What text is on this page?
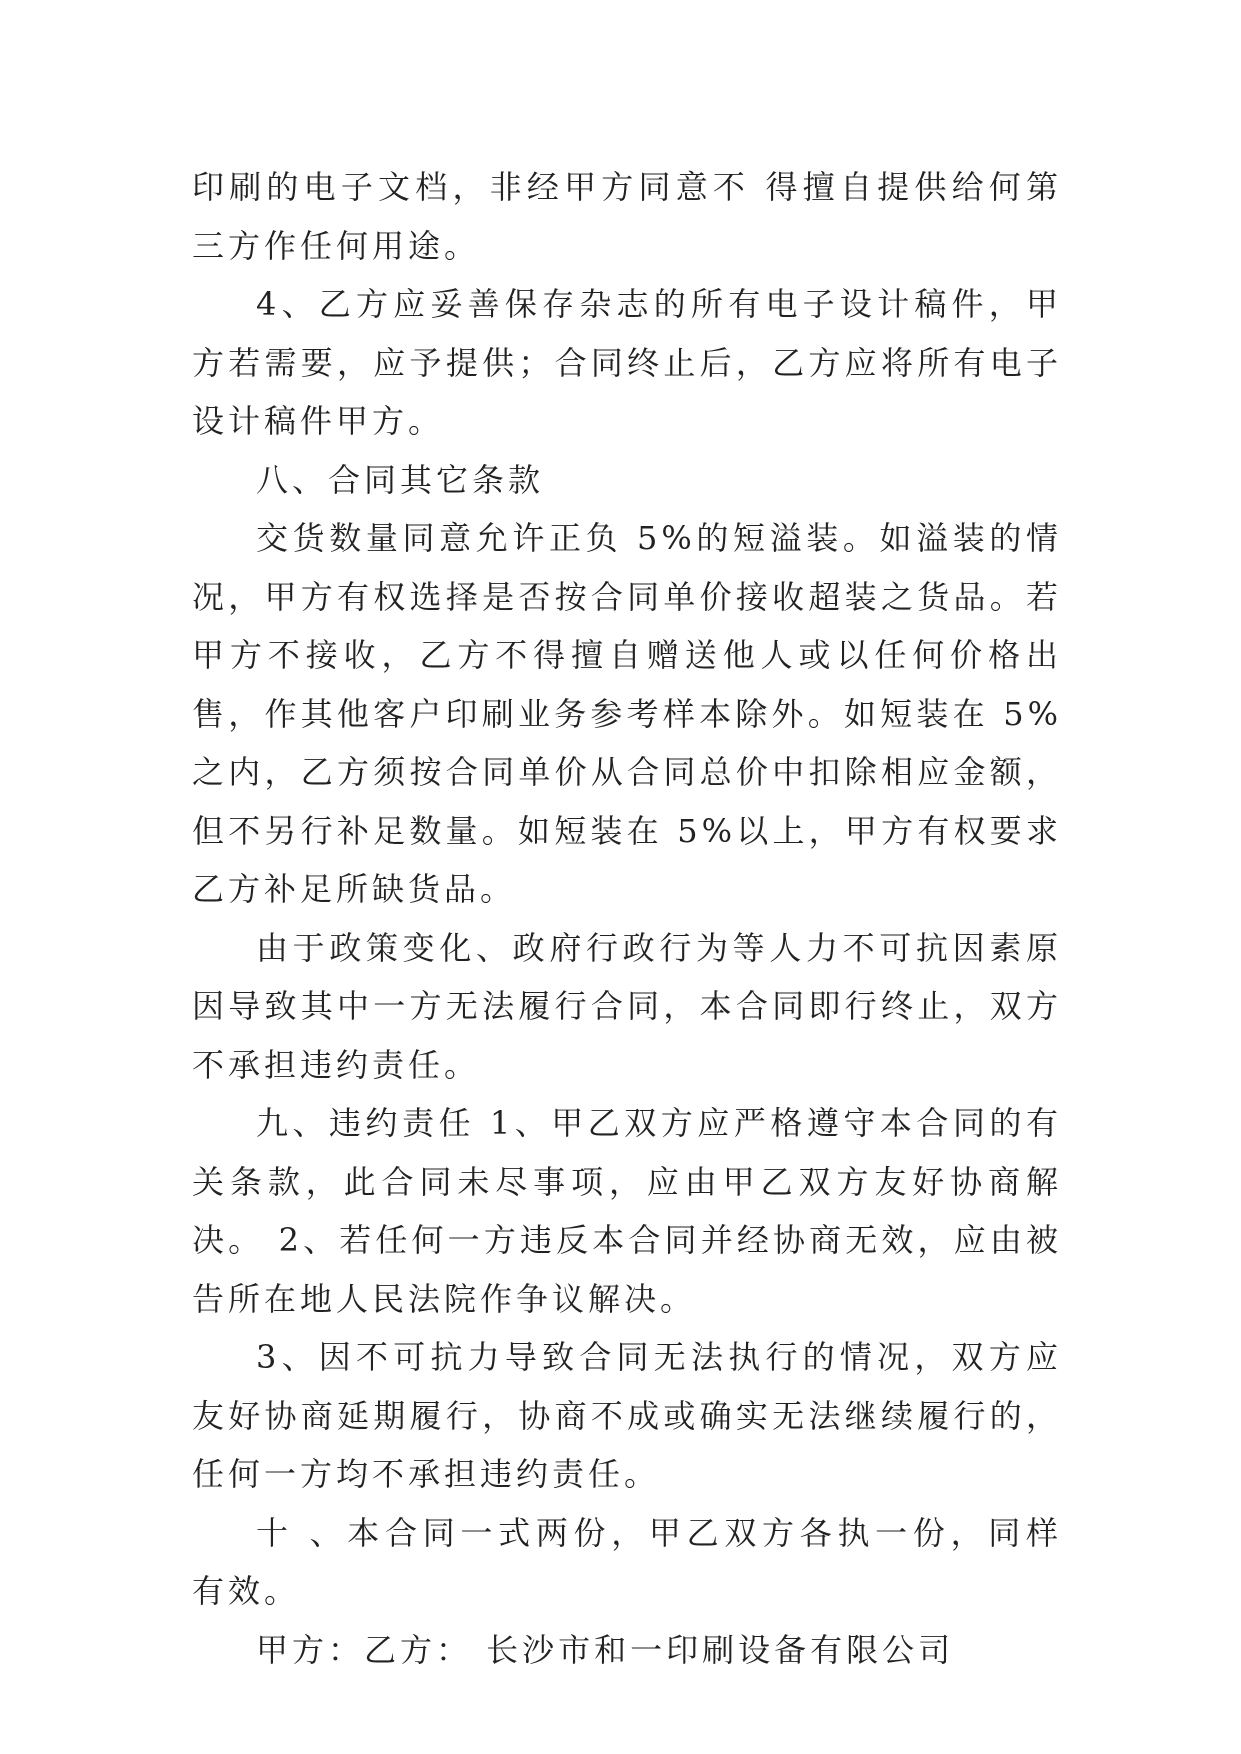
印刷的电子文档，非经甲方同意不 得擅自提供给何第三方作任何用途。

4、乙方应妥善保存杂志的所有电子设计稿件，甲方若需要，应予提供；合同终止后，乙方应将所有电子设计稿件甲方。

八、合同其它条款

交货数量同意允许正负 5%的短溢装。如溢装的情况，甲方有权选择是否按合同单价接收超装之货品。若甲方不接收，乙方不得擅自赠送他人或以任何价格出售，作其他客户印刷业务参考样本除外。如短装在 5%之内，乙方须按合同单价从合同总价中扣除相应金额，但不另行补足数量。如短装在 5%以上，甲方有权要求乙方补足所缺货品。

由于政策变化、政府行政行为等人力不可抗因素原因导致其中一方无法履行合同，本合同即行终止，双方不承担违约责任。

九、违约责任 1、甲乙双方应严格遵守本合同的有关条款，此合同未尽事项，应由甲乙双方友好协商解决。 2、若任何一方违反本合同并经协商无效，应由被告所在地人民法院作争议解决。

3、因不可抗力导致合同无法执行的情况，双方应友好协商延期履行，协商不成或确实无法继续履行的，任何一方均不承担违约责任。

十 、本合同一式两份，甲乙双方各执一份，同样有效。

甲方：乙方： 长沙市和一印刷设备有限公司
